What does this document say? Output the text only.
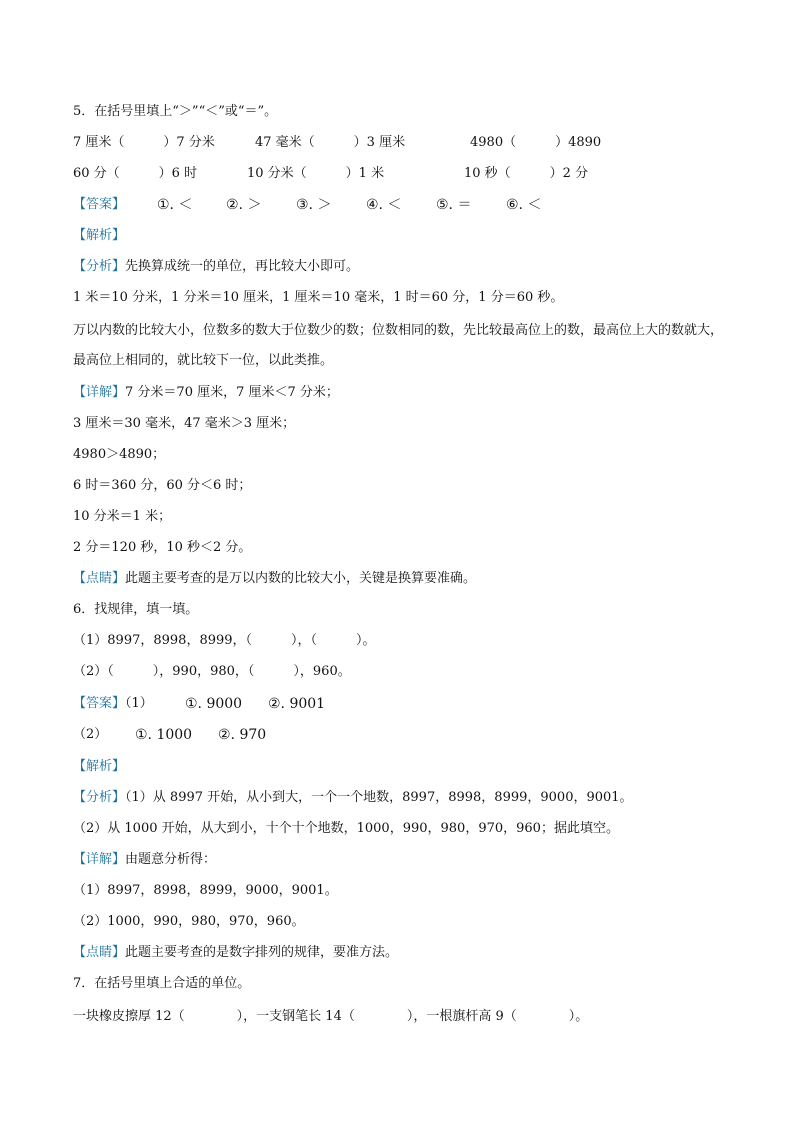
5．在括号里填上“＞”“＜”或“＝”。
7 厘米（　　　）7 分米	47 毫米（　　　）3 厘米	4980（　　　）4890
60 分（　　　）6 时	10 分米（　　　）1 米	10 秒（　　　）2 分
【答案】 ①. ＜ ②. ＞ ③. ＞ ④. ＜ ⑤. ＝ ⑥. ＜
【解析】
【分析】先换算成统一的单位，再比较大小即可。
1 米＝10 分米，1 分米＝10 厘米，1 厘米＝10 毫米，1 时＝60 分，1 分＝60 秒。
万以内数的比较大小，位数多的数大于位数少的数；位数相同的数，先比较最高位上的数，最高位上大的数就大，最高位上相同的，就比较下一位，以此类推。
【详解】7 分米＝70 厘米，7 厘米＜7 分米；
3 厘米＝30 毫米，47 毫米＞3 厘米；
4980＞4890；
6 时＝360 分，60 分＜6 时；
10 分米＝1 米；
2 分＝120 秒，10 秒＜2 分。
【点睛】此题主要考查的是万以内数的比较大小，关键是换算要准确。
6．找规律，填一填。
（1）8997，8998，8999，（　　　），（　　　）。
（2）（　　　），990，980，（　　　），960。
【答案】（1） ①. 9000 ②. 9001
（2） ①. 1000 ②. 970
【解析】
【分析】（1）从 8997 开始，从小到大，一个一个地数，8997，8998，8999，9000，9001。
（2）从 1000 开始，从大到小，十个十个地数，1000，990，980，970，960；据此填空。
【详解】由题意分析得：
（1）8997，8998，8999，9000，9001。
（2）1000，990，980，970，960。
【点睛】此题主要考查的是数字排列的规律，要准方法。
7．在括号里填上合适的单位。
一块橡皮擦厚 12（　　　　），一支钢笔长 14（　　　　），一根旗杆高 9（　　　　）。
